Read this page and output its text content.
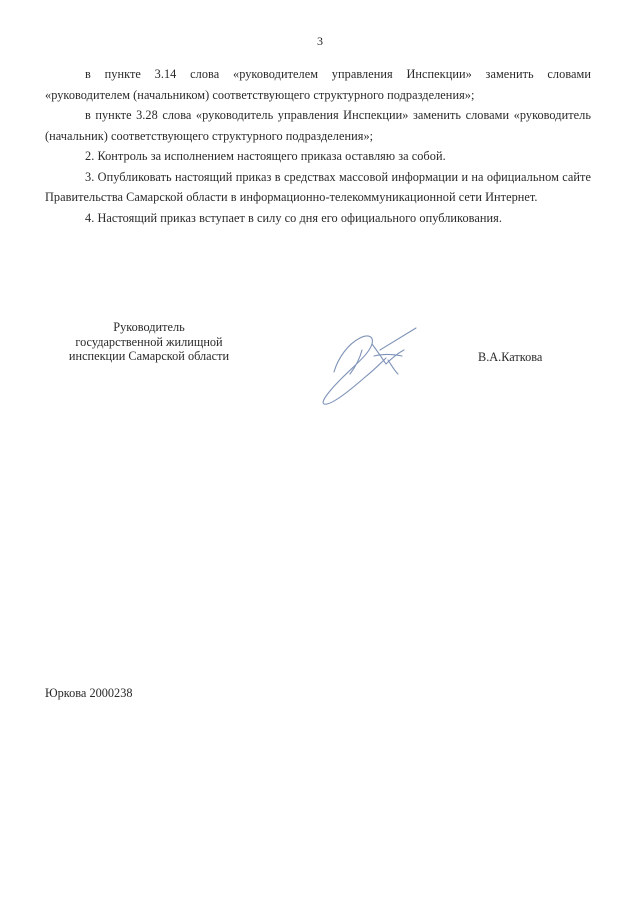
3

в пункте 3.14 слова «руководителем управления Инспекции» заменить словами «руководителем (начальником) соответствующего структурного подразделения»;

в пункте 3.28 слова «руководитель управления Инспекции» заменить словами «руководитель (начальник) соответствующего структурного подразделения»;

2. Контроль за исполнением настоящего приказа оставляю за собой.

3. Опубликовать настоящий приказ в средствах массовой информации и на официальном сайте Правительства Самарской области в информационно-телекоммуникационной сети Интернет.

4. Настоящий приказ вступает в силу со дня его официального опубликования.

Руководитель
государственной жилищной
инспекции Самарской области	В.А.Каткова
Юркова 2000238
